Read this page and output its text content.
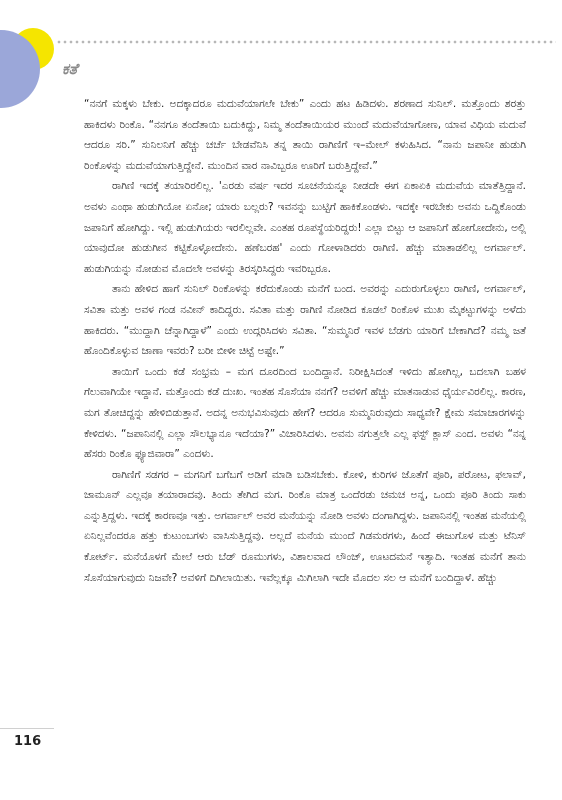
ಕತೆ

“ನನಗೆ ಮಕ್ಕಳು ಬೇಕು. ಅದಕ್ಕಾದರೂ ಮದುವೆಯಾಗಲೇ ಬೇಕು” ಎಂದು ಹಟ ಹಿಡಿದಳು. ಶರಣಾದ ಸುನಿಲ್. ಮತ್ತೊಂದು ಶರತ್ತು ಹಾಕಿದಳು ರಿಂಕೊ. “ನನಗೂ ತಂದೆತಾಯಿ ಬದುಕಿದ್ದು, ನಿಮ್ಮ ತಂದೆತಾಯಿಯರ ಮುಂದೆ ಮದುವೆಯಾಗೋಣ, ಯಾವ ವಿಧಿಯ ಮದುವೆ ಆದರೂ ಸರಿ.” ಸುನಿಲನಿಗೆ ಹೆಚ್ಚು ಚರ್ಚೆ ಬೇಡವೆನಿಸಿ ತನ್ನ ತಾಯಿ ರಾಗಿಣಿಗೆ ಇ–ಮೇಲ್ ಕಳುಹಿಸಿದ. “ನಾನು ಜಪಾನೀ ಹುಡುಗಿ ರಿಂಕೊಳನ್ನು ಮದುವೆಯಾಗುತ್ತಿದ್ದೇನೆ. ಮುಂದಿನ ವಾರ ನಾವಿಬ್ಬರೂ ಊರಿಗೆ ಬರುತ್ತಿದ್ದೇವೆ.”

ರಾಗಿಣಿ ಇದಕ್ಕೆ ತಯಾರಿರಲಿಲ್ಲ. 'ಎರಡು ವರ್ಷ ಇದರ ಸೂಚನೆಯನ್ನೂ ನೀಡದೇ ಈಗ ಏಕಾಏಕಿ ಮದುವೆಯ ಮಾತೆತ್ತಿದ್ದಾನೆ. ಅವಳು ಎಂಥಾ ಹುಡುಗಿಯೋ ಏನೋ; ಯಾರು ಬಲ್ಲರು? ಇವನನ್ನು ಬುಟ್ಟಿಗೆ ಹಾಕಿಕೊಂಡಳು. ಇದಕ್ಕೇ ಇರಬೇಕು ಅವನು ಒದ್ದಿಕೊಂಡು ಜಪಾನಿಗೆ ಹೋಗಿದ್ದು. ಇಲ್ಲಿ ಹುಡುಗಿಯರು ಇರಲಿಲ್ಲವೇ. ಎಂತಹ ರೂಪಸ್ಥೆಯರಿದ್ದರು! ಎಲ್ಲಾ ಬಿಟ್ಟು ಆ ಜಪಾನಿಗೆ ಹೋಗೋದೇನು, ಅಲ್ಲಿ ಯಾವುದೋ ಹುಡುಗೀನ ಕಟ್ಟಿಕೊಳ್ಳೋದೇನು. ಹಣೆಬರಹ' ಎಂದು ಗೋಳಾಡಿದರು ರಾಗಿಣಿ. ಹೆಚ್ಚು ಮಾತಾಡಲಿಲ್ಲ ಅಗರ್ವಾಲ್. ಹುಡುಗಿಯನ್ನು ನೋಡುವ ಮೊದಲೇ ಅವಳನ್ನು ತಿರಸ್ಕರಿಸಿದ್ದರು ಇವರಿಬ್ಬರೂ.

ತಾನು ಹೇಳಿದ ಹಾಗೆ ಸುನಿಲ್ ರಿಂಕೊಳನ್ನು ಕರೆದುಕೊಂಡು ಮನೆಗೆ ಬಂದ. ಅವರನ್ನು ಎದುರುಗೊಳ್ಳಲು ರಾಗಿಣಿ, ಅಗರ್ವಾಲ್, ಸವಿತಾ ಮತ್ತು ಅವಳ ಗಂಡ ನವೀನ್ ಕಾದಿದ್ದರು. ಸವಿತಾ ಮತ್ತು ರಾಗಿಣಿ ನೋಡಿದ ಕೂಡಲೆ ರಿಂಕೊಳ ಮುಖ ಮೈಕಟ್ಟುಗಳನ್ನು ಅಳೆದು ಹಾಕಿದರು. “ಮುದ್ದಾಗಿ ಚೆನ್ನಾಗಿದ್ದಾಳೆ” ಎಂದು ಉದ್ಗರಿಸಿದಳು ಸವಿತಾ. “ಸುಮ್ಮನಿರೆ ಇವಳ ಬೆಡಗು ಯಾರಿಗೆ ಬೇಕಾಗಿದೆ? ನಮ್ಮ ಜತೆ ಹೊಂದಿಕೊಳ್ಳುವ ಜಾಣಾ ಇವರು? ಬರೀ ಬೀಳೀ ಚಿಟ್ಟೆ ಅಷ್ಟೇ.”

ತಾಯಿಗೆ ಒಂದು ಕಡೆ ಸಂಭ್ರಮ – ಮಗ ದೂರದಿಂದ ಬಂದಿದ್ದಾನೆ. ನಿರೀಕ್ಷಿಸಿದಂತೆ ಇಳಿದು ಹೋಗಿಲ್ಲ, ಬದಲಾಗಿ ಬಹಳ ಗೆಲುವಾಗಿಯೇ ಇದ್ದಾನೆ. ಮತ್ತೊಂದು ಕಡೆ ದುಃಖ. ಇಂತಹ ಸೊಸೆಯಾ ನನಗೆ? ಅವಳಿಗೆ ಹೆಚ್ಚು ಮಾತನಾಡುವ ಧೈರ್ಯವಿರಲಿಲ್ಲ. ಕಾರಣ, ಮಗ ತೋಚಿದ್ದನ್ನು ಹೇಳಿಬಿಡುತ್ತಾನೆ. ಅದನ್ನ ಅನುಭವಿಸುವುದು ಹೇಗೆ? ಆದರೂ ಸುಮ್ಮನಿರುವುದು ಸಾಧ್ಯವೇ? ಕ್ಷೇಮ ಸಮಾಚಾರಗಳನ್ನು ಕೇಳಿದಳು. “ಜಪಾನಿನಲ್ಲಿ ಎಲ್ಲಾ ಸೌಲಭ್ಯಾನೂ ಇದೆಯಾ?” ವಿಚಾರಿಸಿದಳು. ಅವನು ನಗುತ್ತಲೇ ಎಲ್ಲ ಫಸ್ಟ್ ಕ್ಲಾಸ್ ಎಂದ. ಅವಳು “ನನ್ನ ಹೆಸರು ರಿಂಕೊ ಫ್ಯೂಜಿವಾರಾ” ಎಂದಳು.

ರಾಗಿಣಿಗೆ ಸಡಗರ – ಮಗನಿಗೆ ಬಗೆಬಗೆ ಅಡಿಗೆ ಮಾಡಿ ಬಡಿಸಬೇಕು. ಕೋಳಿ, ಕುರಿಗಳ ಜೊತೆಗೆ ಪೂರಿ, ಪರೋಟ, ಫಲಾವ್, ಜಾಮೂನ್ ಎಲ್ಲವೂ ತಯಾರಾದವು. ತಿಂದು ತೇಗಿದ ಮಗ. ರಿಂಕೊ ಮಾತ್ರ ಒಂದೆರಡು ಚಮಚ ಅನ್ನ, ಒಂದು ಪೂರಿ ತಿಂದು ಸಾಕು ಎನ್ನುತ್ತಿದ್ದಳು. ಇದಕ್ಕೆ ಕಾರಣವೂ ಇತ್ತು. ಅಗರ್ವಾಲ್ ಅವರ ಮನೆಯನ್ನು ನೋಡಿ ಅವಳು ದಂಗಾಗಿದ್ದಳು. ಜಪಾನಿನಲ್ಲಿ ಇಂತಹ ಮನೆಯಲ್ಲಿ ಏನಿಲ್ಲವೆಂದರೂ ಹತ್ತು ಕುಟುಂಬಗಳು ವಾಸಿಸುತ್ತಿದ್ದವು. ಅಲ್ಲದೆ ಮನೆಯ ಮುಂದೆ ಗಿಡಮರಗಳು, ಹಿಂದೆ ಈಜುಗೊಳ ಮತ್ತು ಟೆನಿಸ್ ಕೋರ್ಟ್. ಮನೆಯೊಳಗೆ ಮೇಲೆ ಆರು ಬೆಡ್ ರೂಮುಗಳು, ವಿಶಾಲವಾದ ಲೌಂಜ್, ಊಟದಮನೆ ಇತ್ಯಾದಿ. ಇಂತಹ ಮನೆಗೆ ತಾನು ಸೊಸೆಯಾಗುವುದು ನಿಜವೇ? ಅವಳಿಗೆ ದಿಗಿಲಾಯಿತು. ಇವೆಲ್ಲಕ್ಕೂ ಮಿಗಿಲಾಗಿ ಇದೇ ಮೊದಲ ಸಲ ಆ ಮನೆಗೆ ಬಂದಿದ್ದಾಳೆ. ಹೆಚ್ಚು

116
